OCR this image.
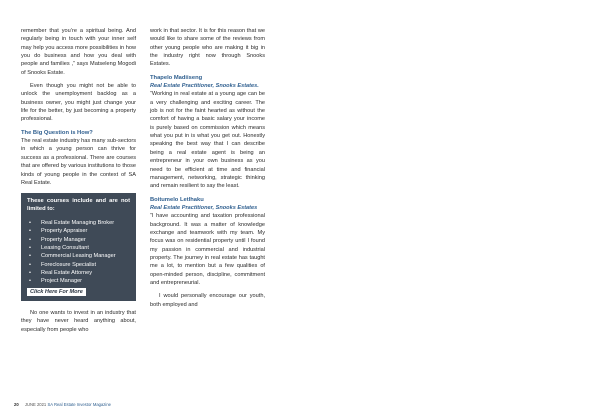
remember that you’re a spiritual being. And regularly being in touch with your inner self may help you access more possibilities in how you do business and how you deal with people and families ,” says Matseleng Mogodi of Snooks Estate.

Even though you might not be able to unlock the unemployment backlog as a business owner, you might just change your life for the better, by just becoming a property professional.

The Big Question is How?

The real estate industry has many sub-sectors in which a young person can thrive for success as a professional. There are courses that are offered by various institutions to those kinds of young people in the context of SA Real Estate.

These courses include and are not limited to:
• Real Estate Managing Broker
• Property Appraiser
• Property Manager
• Leasing Consultant
• Commercial Leasing Manager
• Foreclosure Specialist
• Real Estate Attorney
• Project Manager
Click Here For More

No one wants to invest in an industry that they have never heard anything about, especially from people who

work in that sector. It is for this reason that we would like to share some of the reviews from other young people who are making it big in the industry right now through Snooks Estates.

Thapelo Madiiseng
Real Estate Practitioner, Snooks Estates.

“Working in real estate at a young age can be a very challenging and exciting career. The job is not for the faint hearted as without the comfort of having a basic salary your income is purely based on commission which means what you put in is what you get out. Honestly speaking the best way that I can describe being a real estate agent is being an entrepreneur in your own business as you need to be efficient at time and financial management, networking, strategic thinking and remain resilient to say the least.

Boitumelo Letlhaku
Real Estate Practitioner, Snooks Estates

“I have accounting and taxation professional background. It was a matter of knowledge exchange and teamwork with my team. My focus was on residential property until I found my passion in commercial and industrial property. The journey in real estate has taught me a lot, to mention but a few qualities of open-minded person, discipline, commitment and entrepreneurial.

I would personally encourage our youth, both employed and

20 JUNE 2021 SA Real Estate Investor Magazine
